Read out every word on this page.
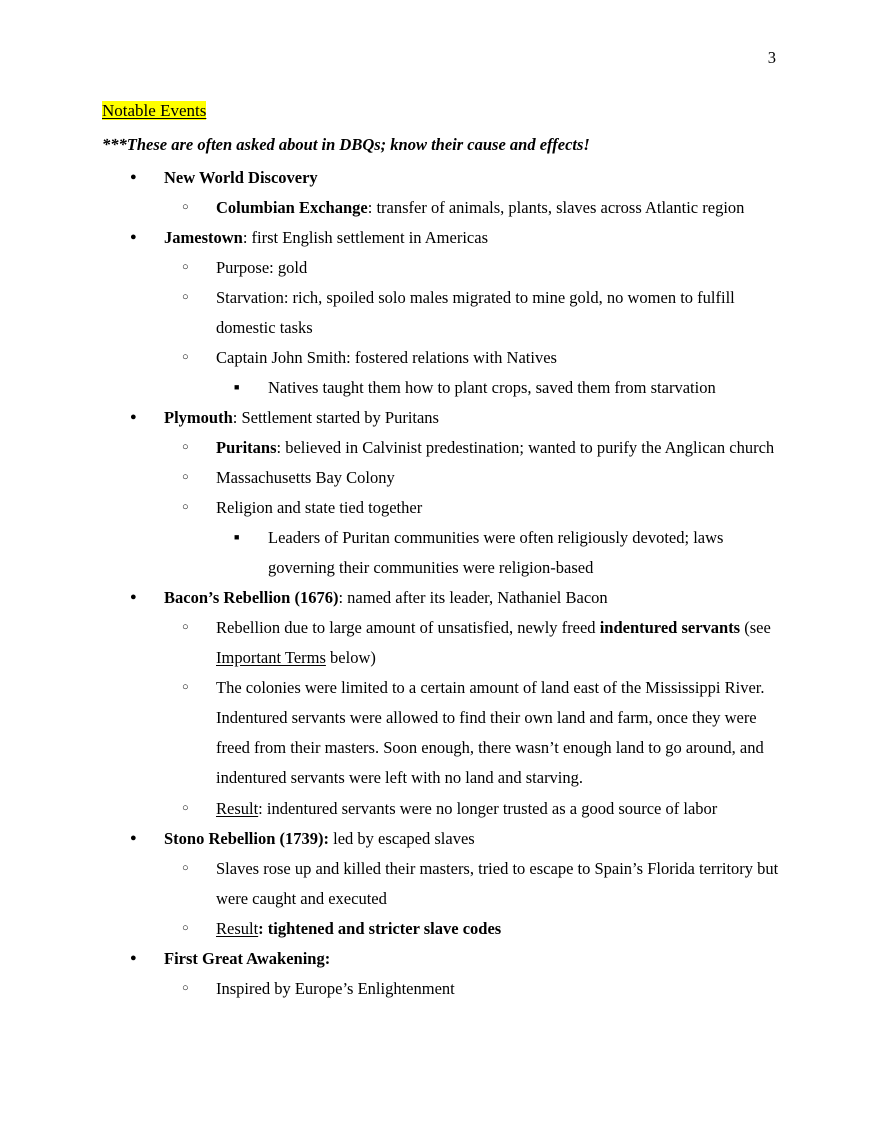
3
Notable Events
***These are often asked about in DBQs; know their cause and effects!
● New World Discovery
○ Columbian Exchange: transfer of animals, plants, slaves across Atlantic region
● Jamestown: first English settlement in Americas
○ Purpose: gold
○ Starvation: rich, spoiled solo males migrated to mine gold, no women to fulfill domestic tasks
○ Captain John Smith: fostered relations with Natives
■ Natives taught them how to plant crops, saved them from starvation
● Plymouth: Settlement started by Puritans
○ Puritans: believed in Calvinist predestination; wanted to purify the Anglican church
○ Massachusetts Bay Colony
○ Religion and state tied together
■ Leaders of Puritan communities were often religiously devoted; laws governing their communities were religion-based
● Bacon’s Rebellion (1676): named after its leader, Nathaniel Bacon
○ Rebellion due to large amount of unsatisfied, newly freed indentured servants (see Important Terms below)
○ The colonies were limited to a certain amount of land east of the Mississippi River. Indentured servants were allowed to find their own land and farm, once they were freed from their masters. Soon enough, there wasn’t enough land to go around, and indentured servants were left with no land and starving.
○ Result: indentured servants were no longer trusted as a good source of labor
● Stono Rebellion (1739): led by escaped slaves
○ Slaves rose up and killed their masters, tried to escape to Spain’s Florida territory but were caught and executed
○ Result: tightened and stricter slave codes
● First Great Awakening:
○ Inspired by Europe’s Enlightenment
